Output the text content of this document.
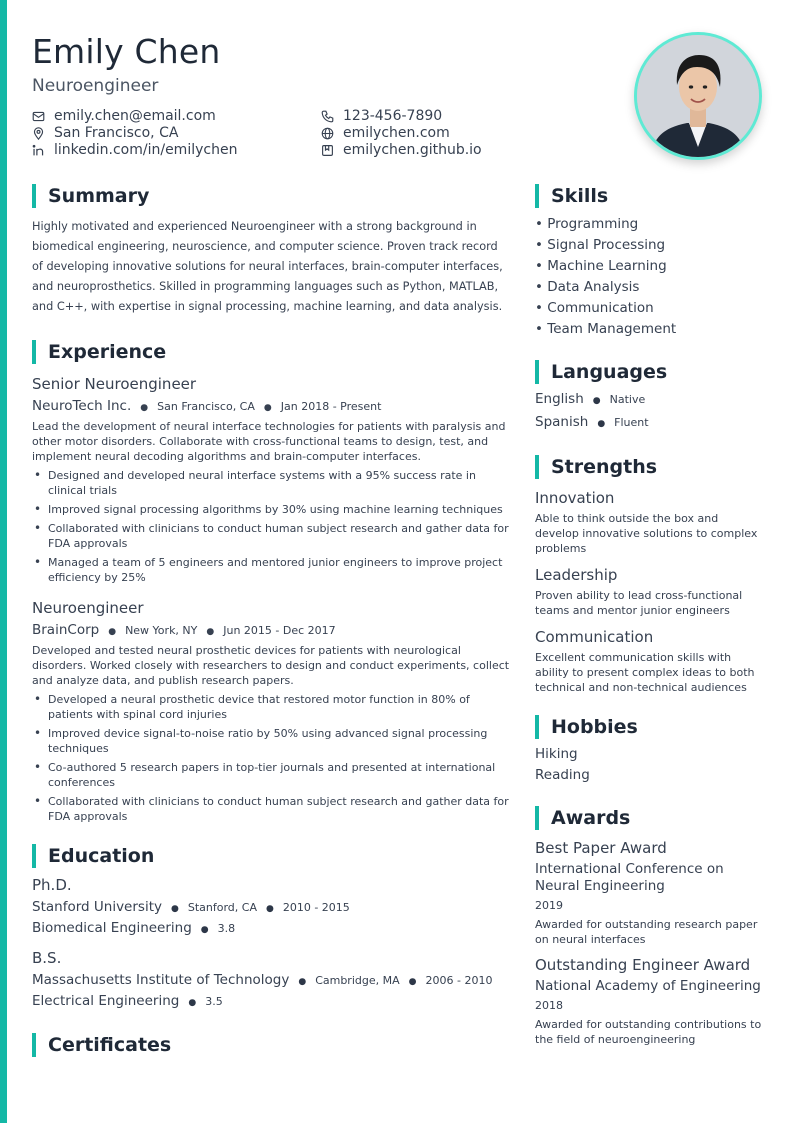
Emily Chen
Neuroengineer
emily.chen@email.com
San Francisco, CA
linkedin.com/in/emilychen
123-456-7890
emilychen.com
emilychen.github.io
Summary

Highly motivated and experienced Neuroengineer with a strong background in biomedical engineering, neuroscience, and computer science. Proven track record of developing innovative solutions for neural interfaces, brain-computer interfaces, and neuroprosthetics. Skilled in programming languages such as Python, MATLAB, and C++, with expertise in signal processing, machine learning, and data analysis.

Experience
Senior Neuroengineer
NeuroTech Inc. ● San Francisco, CA ● Jan 2018 - Present

Lead the development of neural interface technologies for patients with paralysis and other motor disorders. Collaborate with cross-functional teams to design, test, and implement neural decoding algorithms and brain-computer interfaces.

• Designed and developed neural interface systems with a 95% success rate in clinical trials
• Improved signal processing algorithms by 30% using machine learning techniques
• Collaborated with clinicians to conduct human subject research and gather data for FDA approvals
• Managed a team of 5 engineers and mentored junior engineers to improve project efficiency by 25%
Neuroengineer
BrainCorp ● New York, NY ● Jun 2015 - Dec 2017

Developed and tested neural prosthetic devices for patients with neurological disorders. Worked closely with researchers to design and conduct experiments, collect and analyze data, and publish research papers.

• Developed a neural prosthetic device that restored motor function in 80% of patients with spinal cord injuries
• Improved device signal-to-noise ratio by 50% using advanced signal processing techniques
• Co-authored 5 research papers in top-tier journals and presented at international conferences
• Collaborated with clinicians to conduct human subject research and gather data for FDA approvals
Education
Ph.D.
Stanford University ● Stanford, CA ● 2010 - 2015
Biomedical Engineering ● 3.8
B.S.
Massachusetts Institute of Technology ● Cambridge, MA ● 2006 - 2010
Electrical Engineering ● 3.5
Certificates
Skills
• Programming
• Signal Processing
• Machine Learning
• Data Analysis
• Communication
• Team Management
Languages
English ● Native
Spanish ● Fluent
Strengths
Innovation
Able to think outside the box and develop innovative solutions to complex problems
Leadership
Proven ability to lead cross-functional teams and mentor junior engineers
Communication
Excellent communication skills with ability to present complex ideas to both technical and non-technical audiences
Hobbies
Hiking
Reading
Awards
Best Paper Award
International Conference on Neural Engineering
2019
Awarded for outstanding research paper on neural interfaces
Outstanding Engineer Award
National Academy of Engineering
2018
Awarded for outstanding contributions to the field of neuroengineering
